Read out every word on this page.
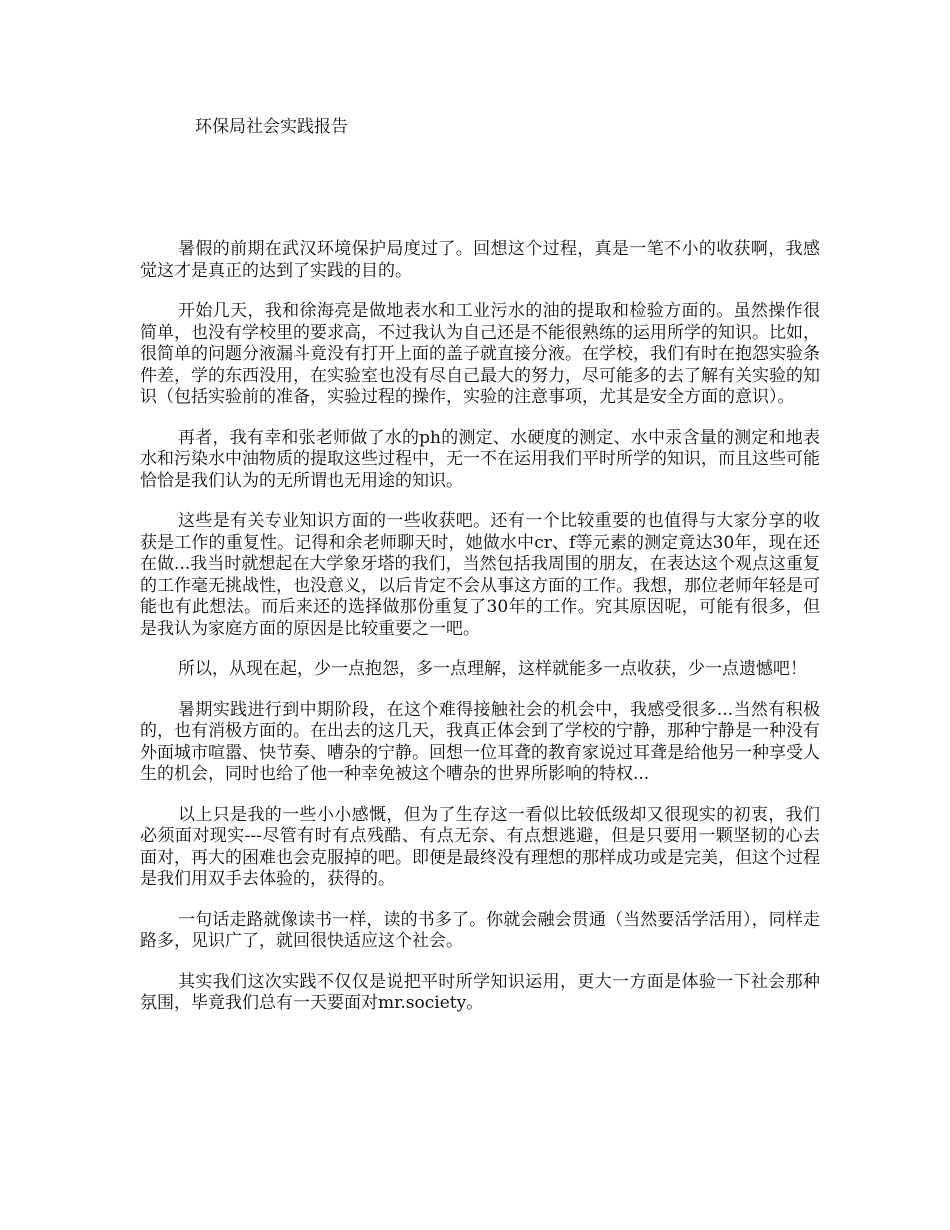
环保局社会实践报告

暑假的前期在武汉环境保护局度过了。回想这个过程，真是一笔不小的收获啊，我感觉这才是真正的达到了实践的目的。

开始几天，我和徐海亮是做地表水和工业污水的油的提取和检验方面的。虽然操作很简单，也没有学校里的要求高，不过我认为自己还是不能很熟练的运用所学的知识。比如，很简单的问题分液漏斗竟没有打开上面的盖子就直接分液。在学校，我们有时在抱怨实验条件差，学的东西没用，在实验室也没有尽自己最大的努力，尽可能多的去了解有关实验的知识（包括实验前的准备，实验过程的操作，实验的注意事项，尤其是安全方面的意识）。

再者，我有幸和张老师做了水的ph的测定、水硬度的测定、水中汞含量的测定和地表水和污染水中油物质的提取这些过程中，无一不在运用我们平时所学的知识，而且这些可能恰恰是我们认为的无所谓也无用途的知识。

这些是有关专业知识方面的一些收获吧。还有一个比较重要的也值得与大家分享的收获是工作的重复性。记得和余老师聊天时，她做水中cr、f等元素的测定竟达30年，现在还在做...我当时就想起在大学象牙塔的我们，当然包括我周围的朋友，在表达这个观点这重复的工作毫无挑战性，也没意义，以后肯定不会从事这方面的工作。我想，那位老师年轻是可能也有此想法。而后来还的选择做那份重复了30年的工作。究其原因呢，可能有很多，但是我认为家庭方面的原因是比较重要之一吧。

所以，从现在起，少一点抱怨，多一点理解，这样就能多一点收获，少一点遗憾吧！

暑期实践进行到中期阶段，在这个难得接触社会的机会中，我感受很多...当然有积极的，也有消极方面的。在出去的这几天，我真正体会到了学校的宁静，那种宁静是一种没有外面城市喧嚣、快节奏、嘈杂的宁静。回想一位耳聋的教育家说过耳聋是给他另一种享受人生的机会，同时也给了他一种幸免被这个嘈杂的世界所影响的特权...

以上只是我的一些小小感慨，但为了生存这一看似比较低级却又很现实的初衷，我们必须面对现实---尽管有时有点残酷、有点无奈、有点想逃避，但是只要用一颗坚韧的心去面对，再大的困难也会克服掉的吧。即便是最终没有理想的那样成功或是完美，但这个过程是我们用双手去体验的，获得的。

一句话走路就像读书一样，读的书多了。你就会融会贯通（当然要活学活用），同样走路多，见识广了，就回很快适应这个社会。

其实我们这次实践不仅仅是说把平时所学知识运用，更大一方面是体验一下社会那种氛围，毕竟我们总有一天要面对mr.society。
